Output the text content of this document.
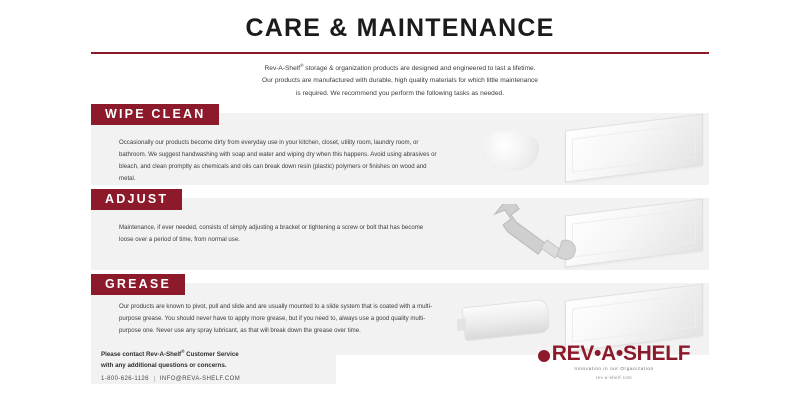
CARE & MAINTENANCE
Rev-A-Shelf® storage & organization products are designed and engineered to last a lifetime.
Our products are manufactured with durable, high quality materials for which little maintenance
is required. We recommend you perform the following tasks as needed.
WIPE CLEAN
Occasionally our products become dirty from everyday use in your kitchen, closet, utility room, laundry room, or bathroom. We suggest handwashing with soap and water and wiping dry when this happens. Avoid using abrasives or bleach, and clean promptly as chemicals and oils can break down resin (plastic) polymers or finishes on wood and metal.
ADJUST
Maintenance, if ever needed, consists of simply adjusting a bracket or tightening a screw or bolt that has become loose over a period of time, from normal use.
GREASE
Our products are known to pivot, pull and slide and are usually mounted to a slide system that is coated with a multi-purpose grease. You should never have to apply more grease, but if you need to, always use a good quality multi-purpose one. Never use any spray lubricant, as that will break down the grease over time.
Please contact Rev-A-Shelf® Customer Service
with any additional questions or concerns.
1-800-626-1126 INFO@REVA-SHELF.COM
REV•A•SHELF
Innovation in our Organization
rev-a-shelf.com
